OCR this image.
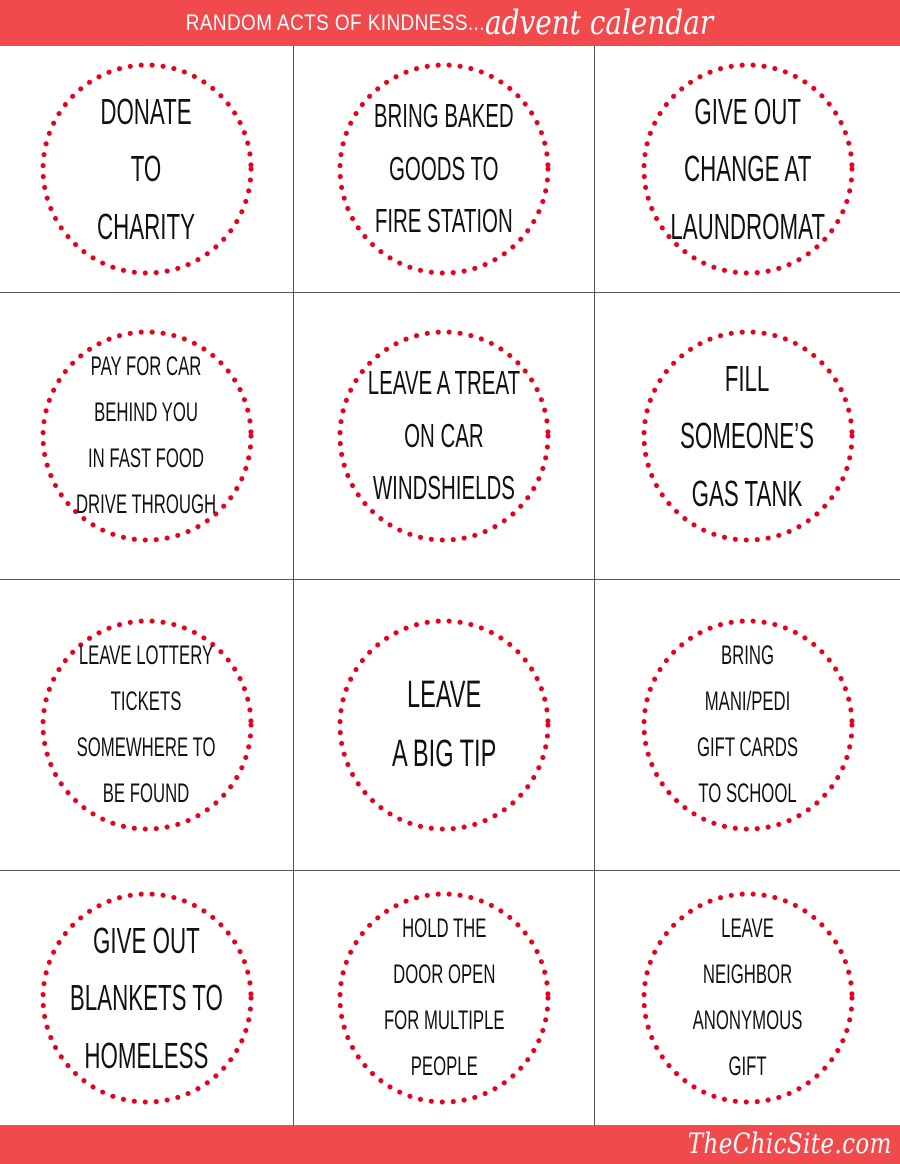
RANDOM ACTS OF KINDNESS... advent calendar
DONATE
TO
CHARITY
BRING BAKED
GOODS TO
FIRE STATION
GIVE OUT
CHANGE AT
LAUNDROMAT
PAY FOR CAR
BEHIND YOU
IN FAST FOOD
DRIVE THROUGH
LEAVE A TREAT
ON CAR
WINDSHIELDS
FILL
SOMEONE’S
GAS TANK
LEAVE LOTTERY
TICKETS
SOMEWHERE TO
BE FOUND
LEAVE
A BIG TIP
BRING
MANI/PEDI
GIFT CARDS
TO SCHOOL
GIVE OUT
BLANKETS TO
HOMELESS
HOLD THE
DOOR OPEN
FOR MULTIPLE
PEOPLE
LEAVE
NEIGHBOR
ANONYMOUS
GIFT
TheChicSite.com
